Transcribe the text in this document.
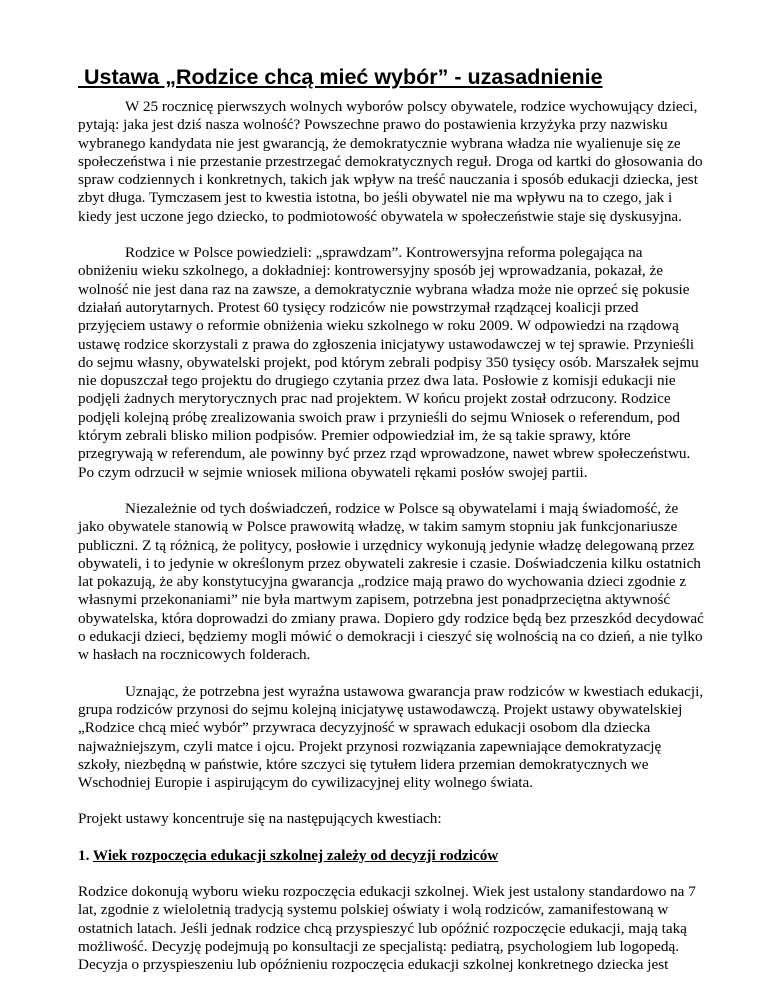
Ustawa „Rodzice chcą mieć wybór” - uzasadnienie

W 25 rocznicę pierwszych wolnych wyborów polscy obywatele, rodzice wychowujący dzieci, pytają: jaka jest dziś nasza wolność? Powszechne prawo do postawienia krzyżyka przy nazwisku wybranego kandydata nie jest gwarancją, że demokratycznie wybrana władza nie wyalienuje się ze społeczeństwa i nie przestanie przestrzegać demokratycznych reguł. Droga od kartki do głosowania do spraw codziennych i konkretnych, takich jak wpływ na treść nauczania i sposób edukacji dziecka, jest zbyt długa. Tymczasem jest to kwestia istotna, bo jeśli obywatel nie ma wpływu na to czego, jak i kiedy jest uczone jego dziecko, to podmiotowość obywatela w społeczeństwie staje się dyskusyjna.

Rodzice w Polsce powiedzieli: „sprawdzam”. Kontrowersyjna reforma polegająca na obniżeniu wieku szkolnego, a dokładniej: kontrowersyjny sposób jej wprowadzania, pokazał, że wolność nie jest dana raz na zawsze, a demokratycznie wybrana władza może nie oprzeć się pokusie działań autorytarnych. Protest 60 tysięcy rodziców nie powstrzymał rządzącej koalicji przed przyjęciem ustawy o reformie obniżenia wieku szkolnego w roku 2009. W odpowiedzi na rządową ustawę rodzice skorzystali z prawa do zgłoszenia inicjatywy ustawodawczej w tej sprawie. Przynieśli do sejmu własny, obywatelski projekt, pod którym zebrali podpisy 350 tysięcy osób. Marszałek sejmu nie dopuszczał tego projektu do drugiego czytania przez dwa lata. Posłowie z komisji edukacji nie podjęli żadnych merytorycznych prac nad projektem. W końcu projekt został odrzucony. Rodzice podjęli kolejną próbę zrealizowania swoich praw i przynieśli do sejmu Wniosek o referendum, pod którym zebrali blisko milion podpisów. Premier odpowiedział im, że są takie sprawy, które przegrywają w referendum, ale powinny być przez rząd wprowadzone, nawet wbrew społeczeństwu. Po czym odrzucił w sejmie wniosek miliona obywateli rękami posłów swojej partii.

Niezależnie od tych doświadczeń, rodzice w Polsce są obywatelami i mają świadomość, że jako obywatele stanowią w Polsce prawowitą władzę, w takim samym stopniu jak funkcjonariusze publiczni. Z tą różnicą, że politycy, posłowie i urzędnicy wykonują jedynie władzę delegowaną przez obywateli, i to jedynie w określonym przez obywateli zakresie i czasie. Doświadczenia kilku ostatnich lat pokazują, że aby konstytucyjna gwarancja „rodzice mają prawo do wychowania dzieci zgodnie z własnymi przekonaniami” nie była martwym zapisem, potrzebna jest ponadprzeciętna aktywność obywatelska, która doprowadzi do zmiany prawa. Dopiero gdy rodzice będą bez przeszkód decydować o edukacji dzieci, będziemy mogli mówić o demokracji i cieszyć się wolnością na co dzień, a nie tylko w hasłach na rocznicowych folderach.

Uznając, że potrzebna jest wyraźna ustawowa gwarancja praw rodziców w kwestiach edukacji, grupa rodziców przynosi do sejmu kolejną inicjatywę ustawodawczą. Projekt ustawy obywatelskiej „Rodzice chcą mieć wybór” przywraca decyzyjność w sprawach edukacji osobom dla dziecka najważniejszym, czyli matce i ojcu. Projekt przynosi rozwiązania zapewniające demokratyzację szkoły, niezbędną w państwie, które szczyci się tytułem lidera przemian demokratycznych we Wschodniej Europie i aspirującym do cywilizacyjnej elity wolnego świata.

Projekt ustawy koncentruje się na następujących kwestiach:

1. Wiek rozpoczęcia edukacji szkolnej zależy od decyzji rodziców

Rodzice dokonują wyboru wieku rozpoczęcia edukacji szkolnej. Wiek jest ustalony standardowo na 7 lat, zgodnie z wieloletnią tradycją systemu polskiej oświaty i wolą rodziców, zamanifestowaną w ostatnich latach. Jeśli jednak rodzice chcą przyspieszyć lub opóźnić rozpoczęcie edukacji, mają taką możliwość. Decyzję podejmują po konsultacji ze specjalistą: pediatrą, psychologiem lub logopedą. Decyzja o przyspieszeniu lub opóźnieniu rozpoczęcia edukacji szkolnej konkretnego dziecka jest
